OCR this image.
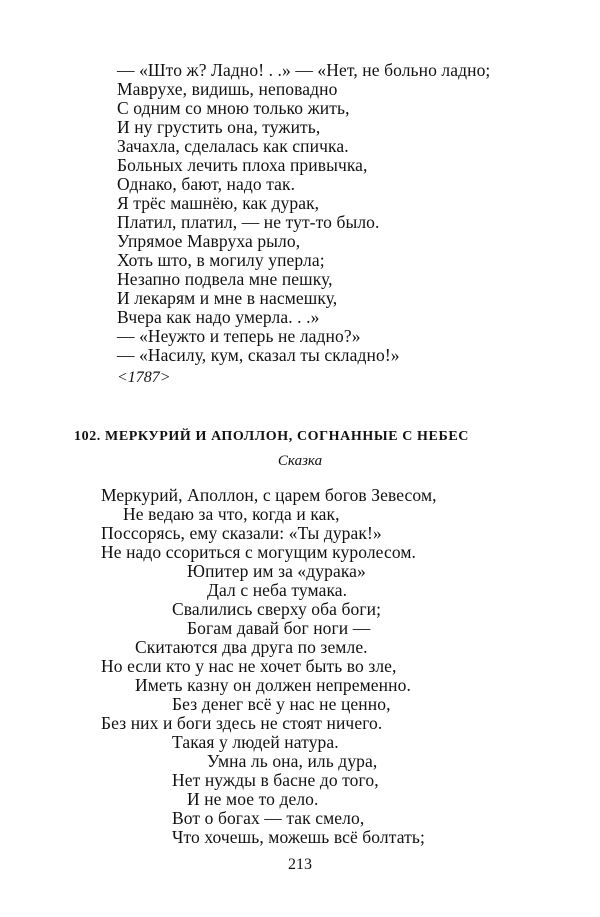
— «Што ж? Ладно! . .» — «Нет, не больно ладно;
Маврухе, видишь, неповадно
С одним со мною только жить,
И ну грустить она, тужить,
Зачахла, сделалась как спичка.
Больных лечить плоха привычка,
Однако, бают, надо так.
Я трёс машнёю, как дурак,
Платил, платил, — не тут-то было.
Упрямое Мавруха рыло,
Хоть што, в могилу уперла;
Незапно подвела мне пешку,
И лекарям и мне в насмешку,
Вчера как надо умерла. . .»
— «Неужто и теперь не ладно?»
— «Насилу, кум, сказал ты складно!»
<1787>
102. МЕРКУРИЙ И АПОЛЛОН, СОГНАННЫЕ С НЕБЕС
Сказка
Меркурий, Аполлон, с царем богов Зевесом,
Не ведаю за что, когда и как,
Поссорясь, ему сказали: «Ты дурак!»
Не надо ссориться с могущим куролесом.
Юпитер им за «дурака»
Дал с неба тумака.
Свалились сверху оба боги;
Богам давай бог ноги —
Скитаются два друга по земле.
Но если кто у нас не хочет быть во зле,
Иметь казну он должен непременно.
Без денег всё у нас не ценно,
Без них и боги здесь не стоят ничего.
Такая у людей натура.
Умна ль она, иль дура,
Нет нужды в басне до того,
И не мое то дело.
Вот о богах — так смело,
Что хочешь, можешь всё болтать;
213
